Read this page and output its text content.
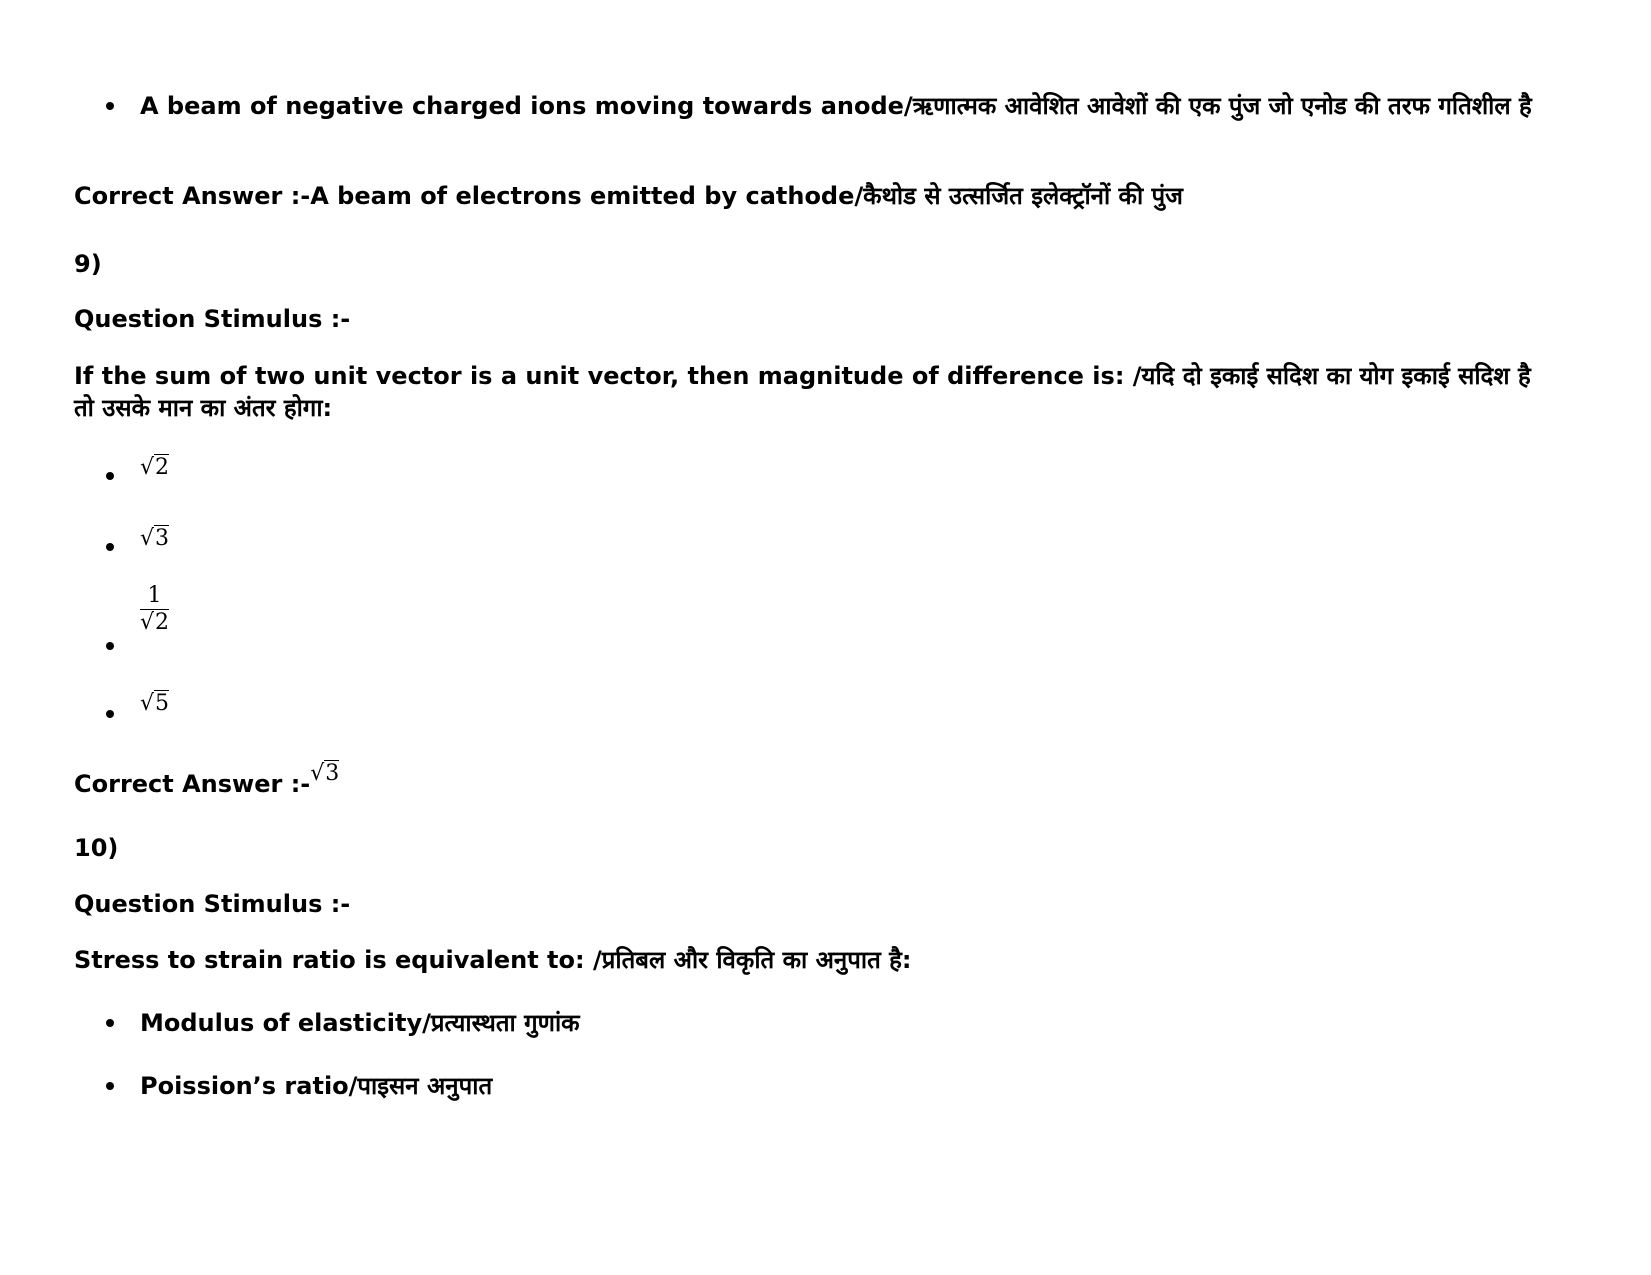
A beam of negative charged ions moving towards anode/ऋणात्मक आवेशित आवेशों की एक पुंज जो एनोड की तरफ गतिशील है
Correct Answer :-A beam of electrons emitted by cathode/कैथोड से उत्सर्जित इलेक्ट्रॉनों की पुंज
9)
Question Stimulus :-
If the sum of two unit vector is a unit vector, then magnitude of difference is: /यदि दो इकाई सदिश का योग इकाई सदिश है तो उसके मान का अंतर होगा:
√2
√3
$\frac{1}{√2}$
√5
Correct Answer :-√3
10)
Question Stimulus :-
Stress to strain ratio is equivalent to: /प्रतिबल और विकृति का अनुपात है:
Modulus of elasticity/प्रत्यास्थता गुणांक
Poission’s ratio/पाइसन अनुपात
